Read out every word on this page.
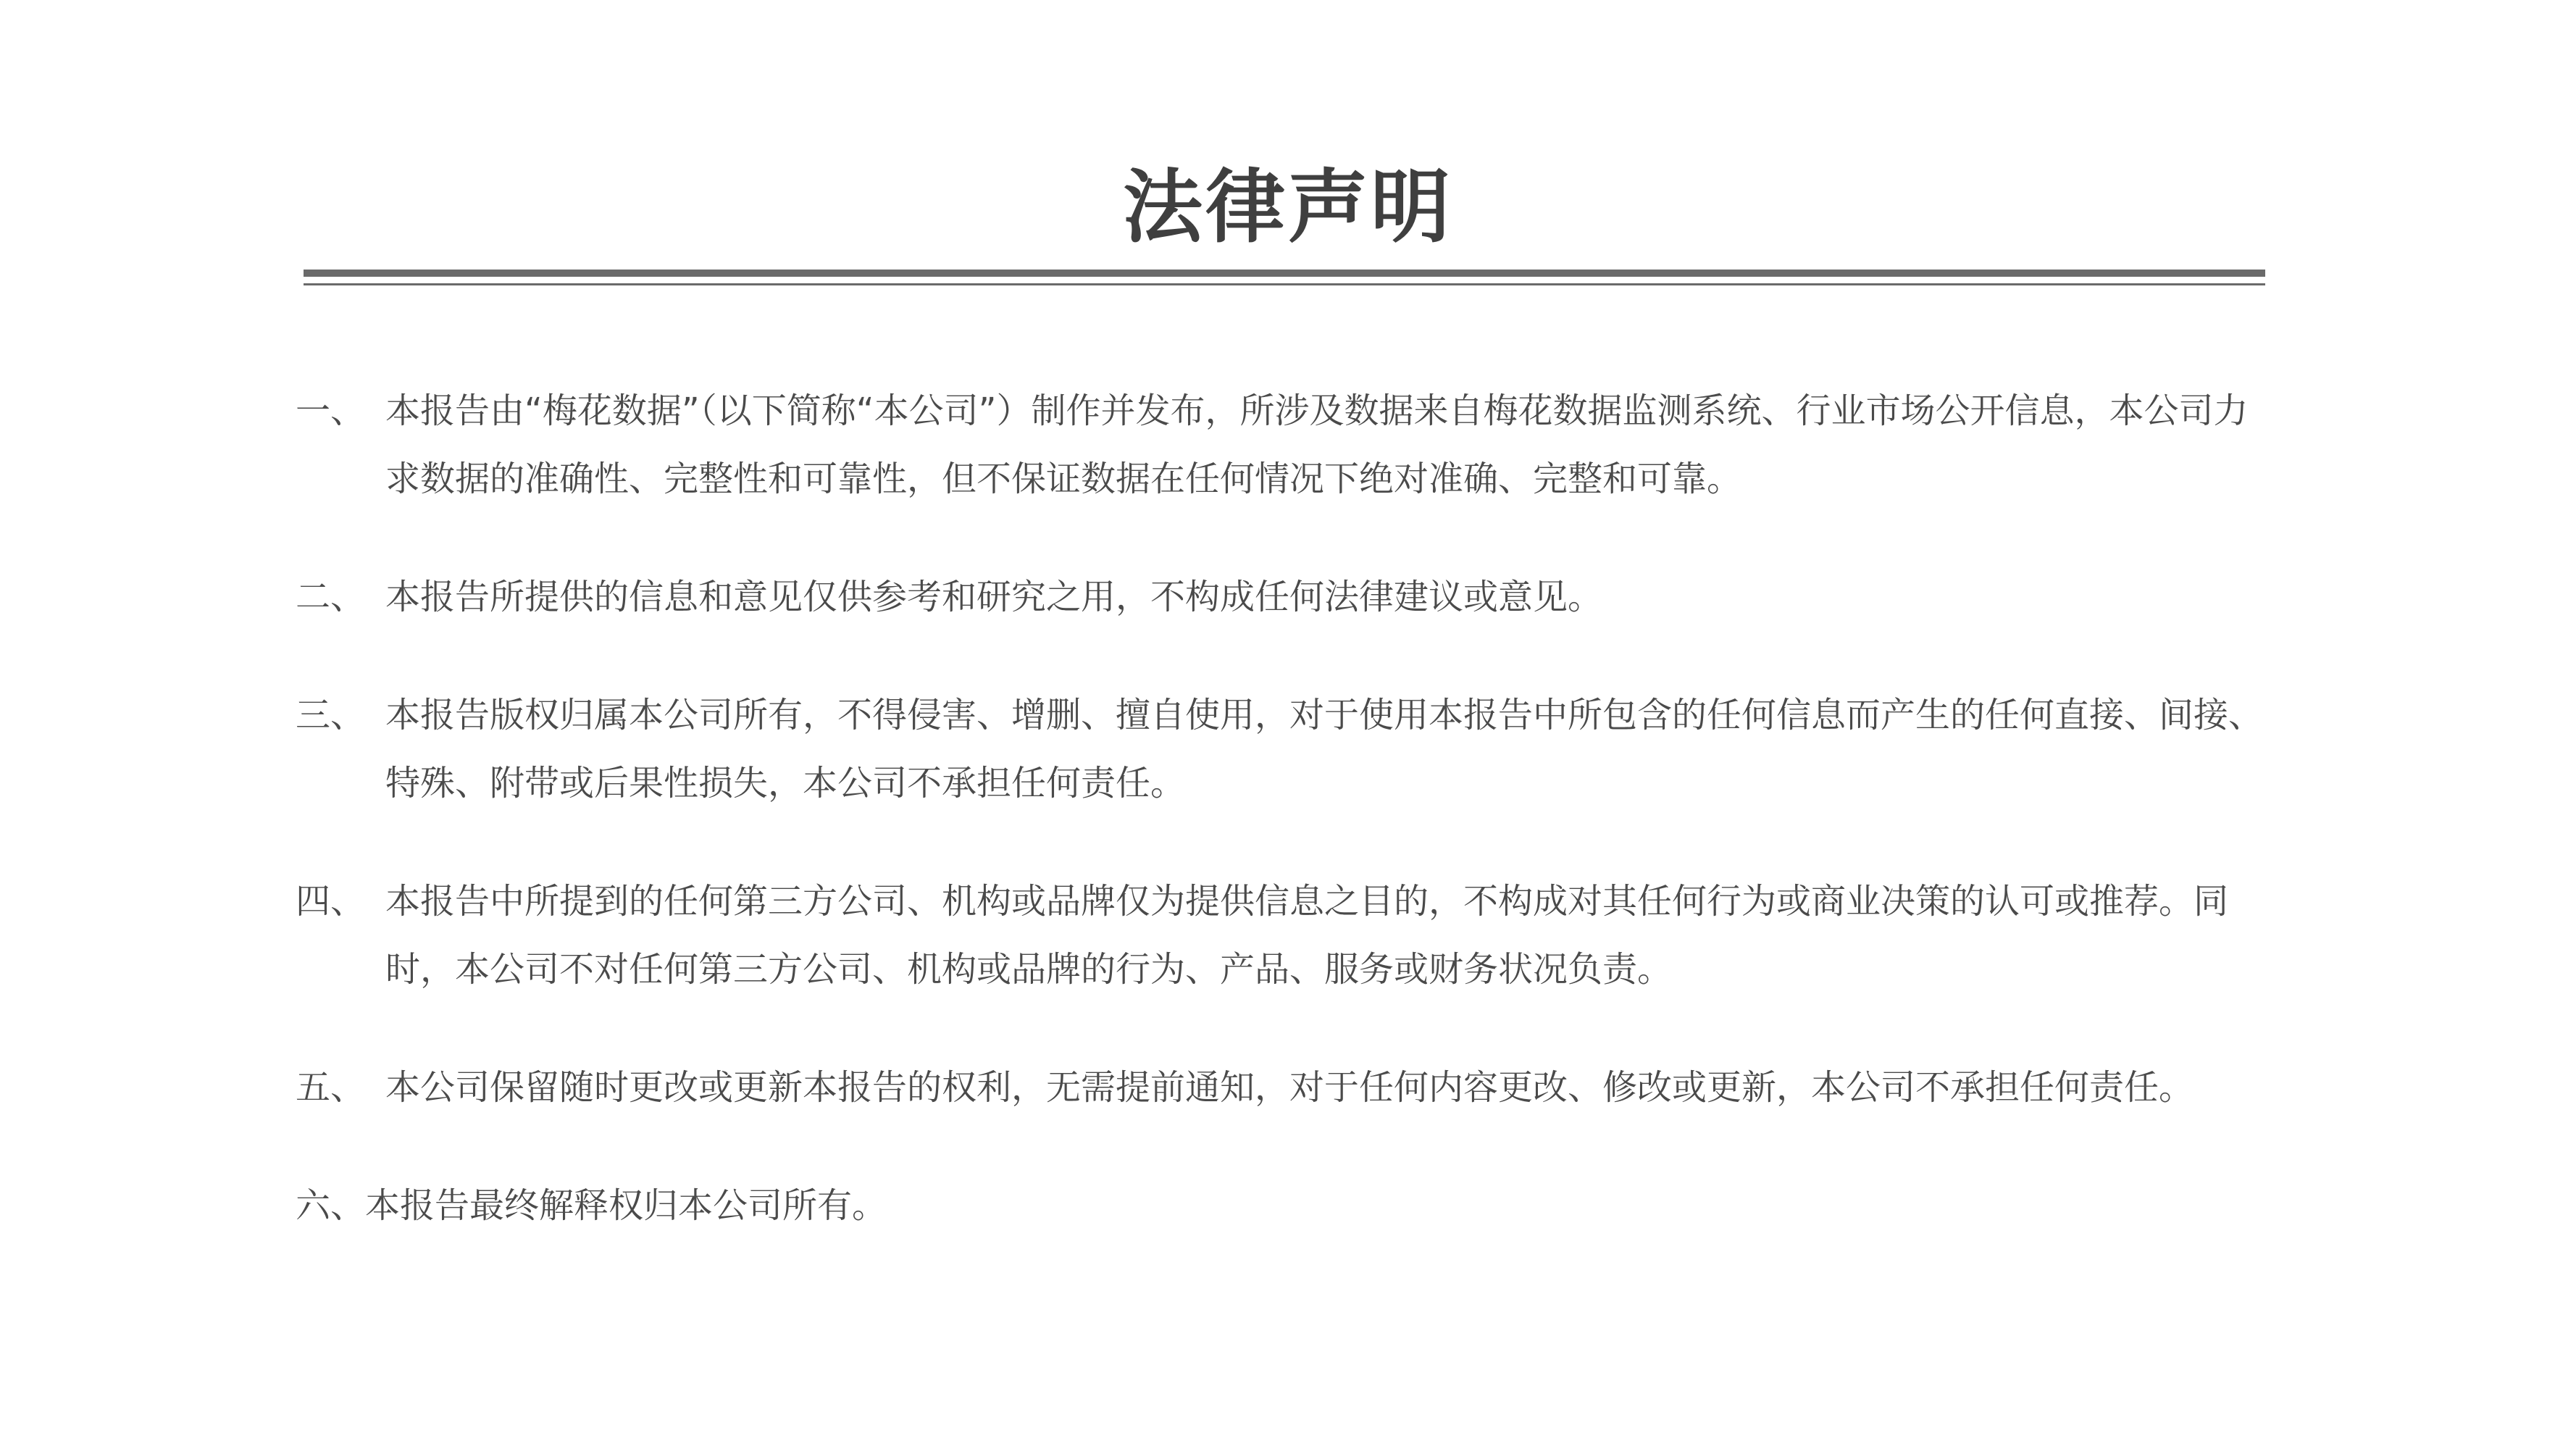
法律声明
一、 本报告由“梅花数据”（以下简称“本公司”）制作并发布，所涉及数据来自梅花数据监测系统、行业市场公开信息，本公司力求数据的准确性、完整性和可靠性，但不保证数据在任何情况下绝对准确、完整和可靠。
二、 本报告所提供的信息和意见仅供参考和研究之用，不构成任何法律建议或意见。
三、 本报告版权归属本公司所有，不得侵害、增删、擅自使用，对于使用本报告中所包含的任何信息而产生的任何直接、间接、特殊、附带或后果性损失，本公司不承担任何责任。
四、 本报告中所提到的任何第三方公司、机构或品牌仅为提供信息之目的，不构成对其任何行为或商业决策的认可或推荐。同时，本公司不对任何第三方公司、机构或品牌的行为、产品、服务或财务状况负责。
五、 本公司保留随时更改或更新本报告的权利，无需提前通知，对于任何内容更改、修改或更新，本公司不承担任何责任。
六、 本报告最终解释权归本公司所有。
